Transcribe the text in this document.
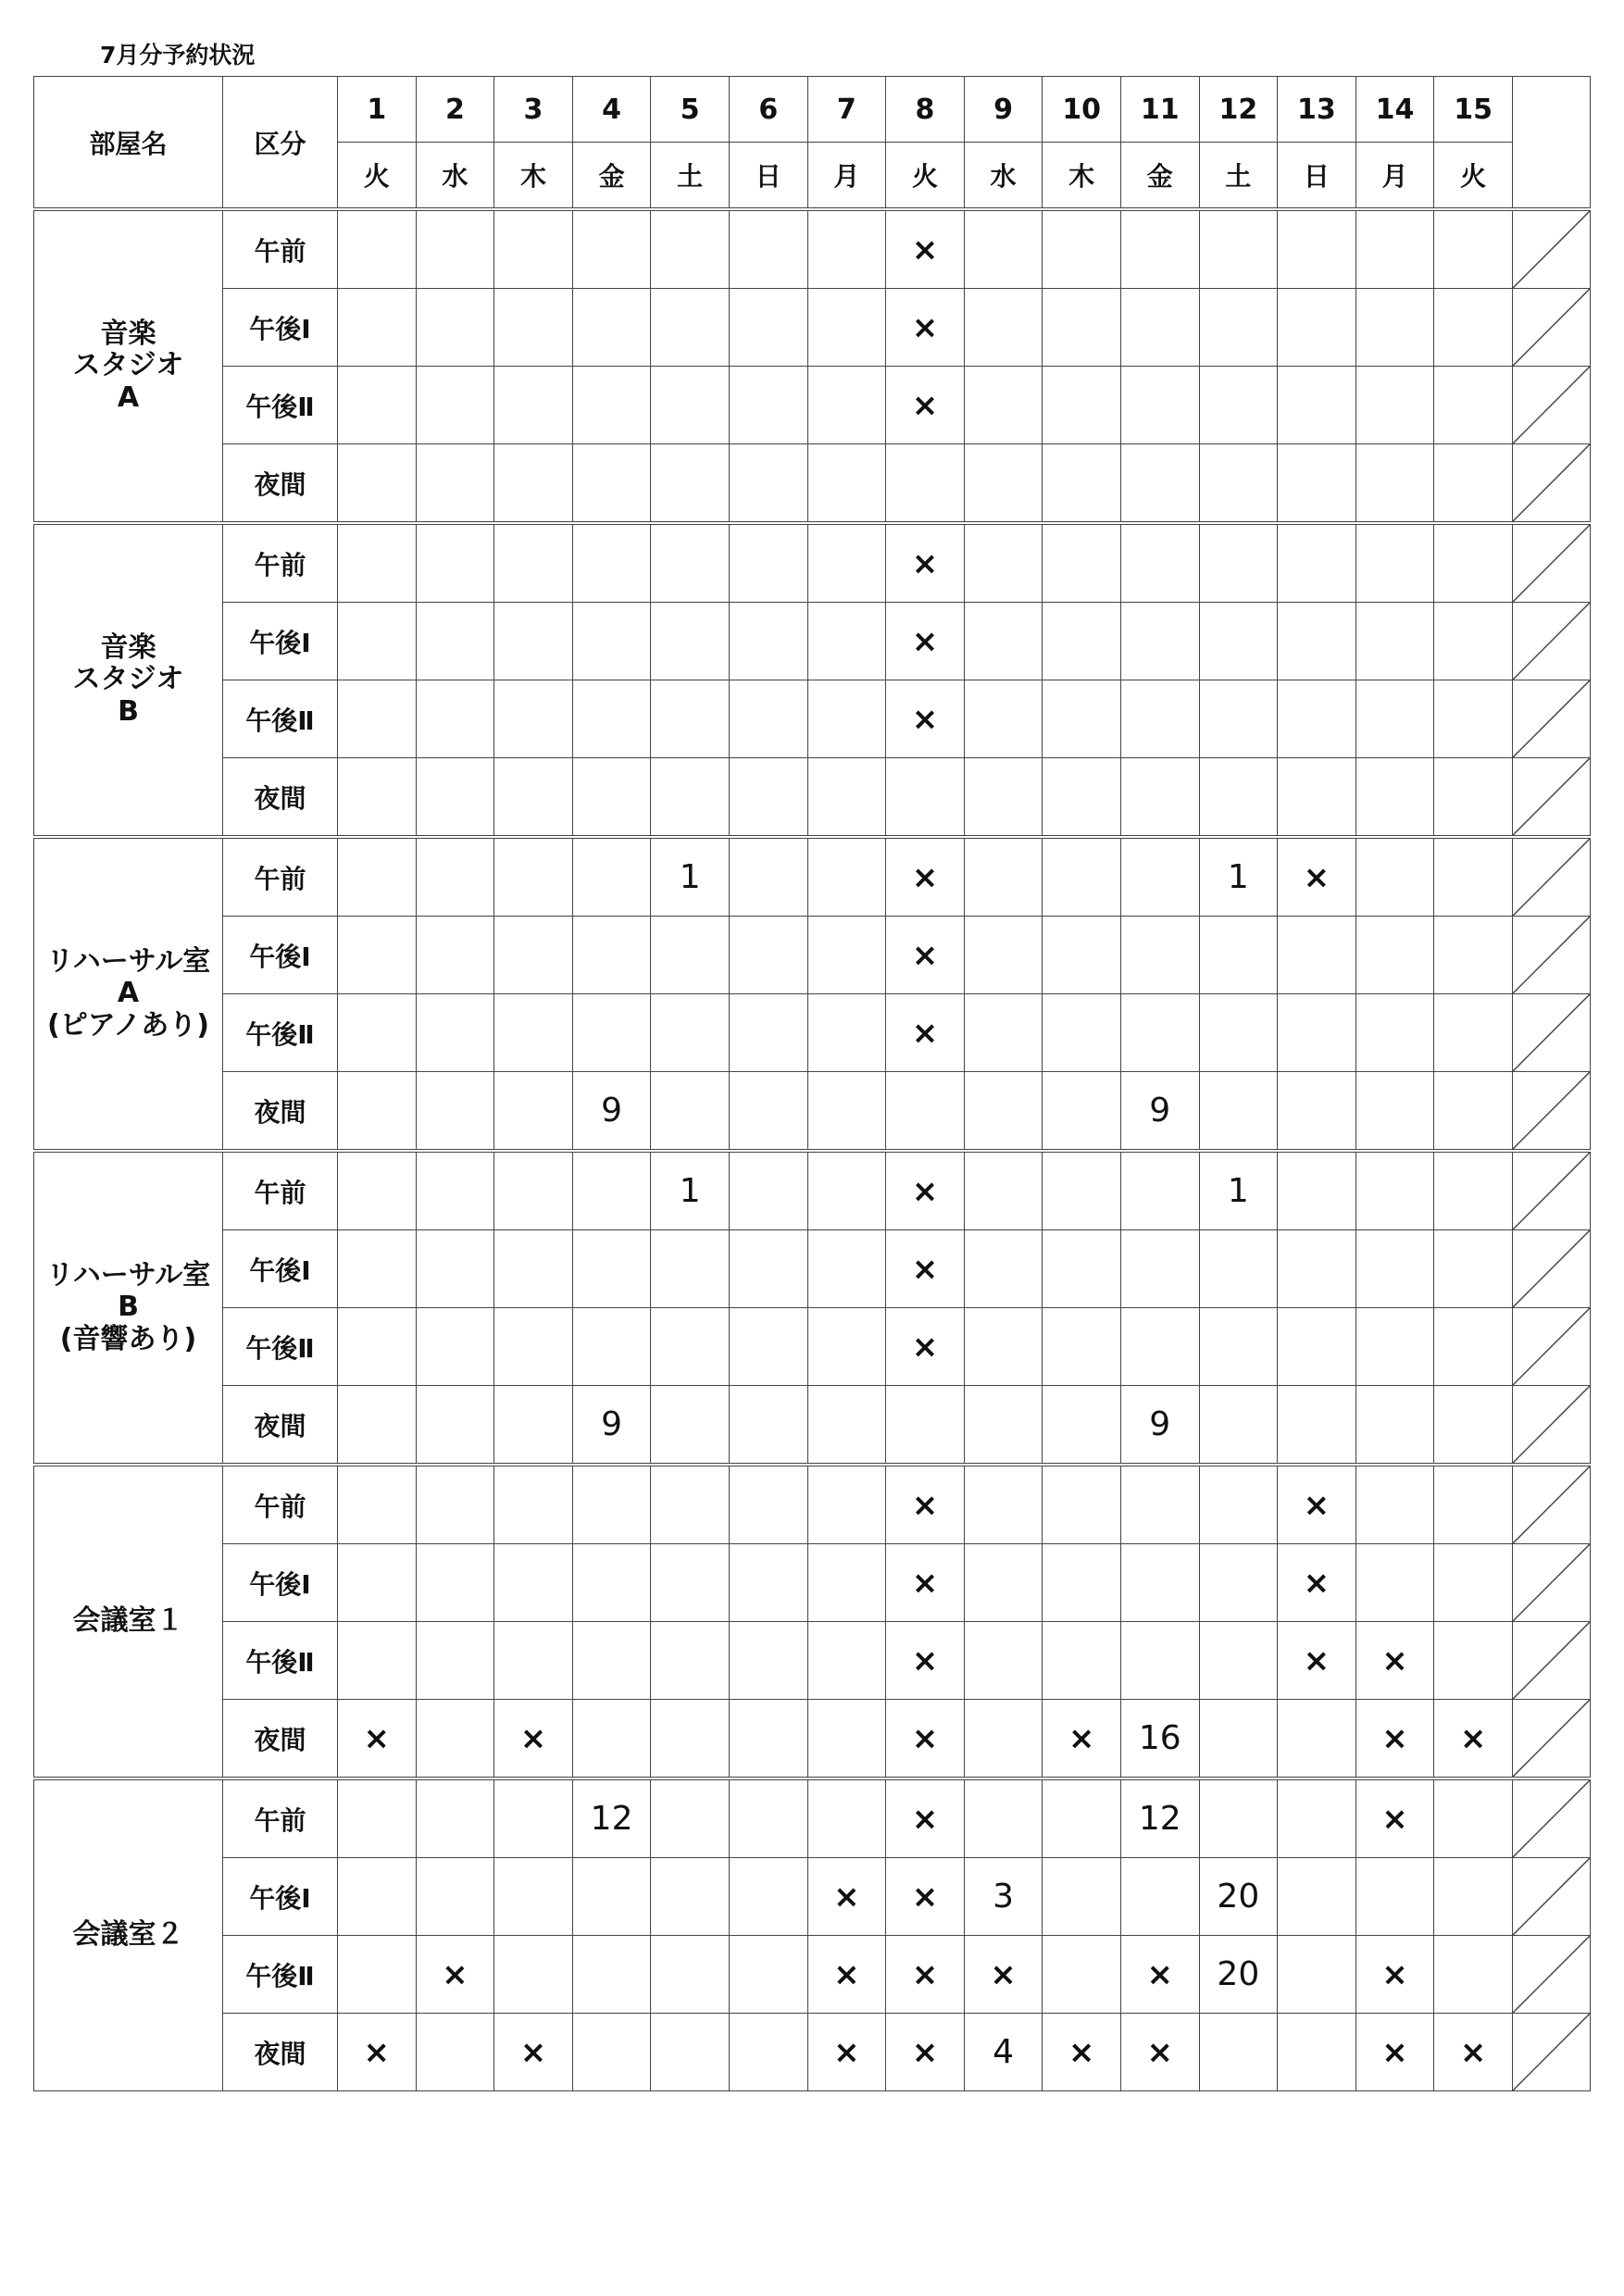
7月分予約状況
部屋名	区分	1	2	3	4	5	6	7	8	9	10	11	12	13	14	15	
		火	水	木	金	土	日	月	火	水	木	金	土	日	月	火	

音楽
スタジオ
A	午前								×								

	午後Ⅰ								×								

	午後Ⅱ								×								

	夜間																

音楽
スタジオ
B	午前								×								

	午後Ⅰ								×								

	午後Ⅱ								×								

	夜間																

リハーサル室
A
(ピアノあり)	午前					1			×				1	×			

	午後Ⅰ								×								

	午後Ⅱ								×								

	夜間				9							9					

リハーサル室
B
(音響あり)	午前					1			×				1				

	午後Ⅰ								×								

	午後Ⅱ								×								

	夜間				9							9					

会議室１	午前								×					×			

	午後Ⅰ								×					×			

	午後Ⅱ								×					×	×		

	夜間	×		×					×		×	16			×	×	

会議室２	午前				12				×			12			×		

	午後Ⅰ							×	×	3			20				

	午後Ⅱ		×					×	×	×		×	20		×		

	夜間	×		×				×	×	4	×	×			×	×	
